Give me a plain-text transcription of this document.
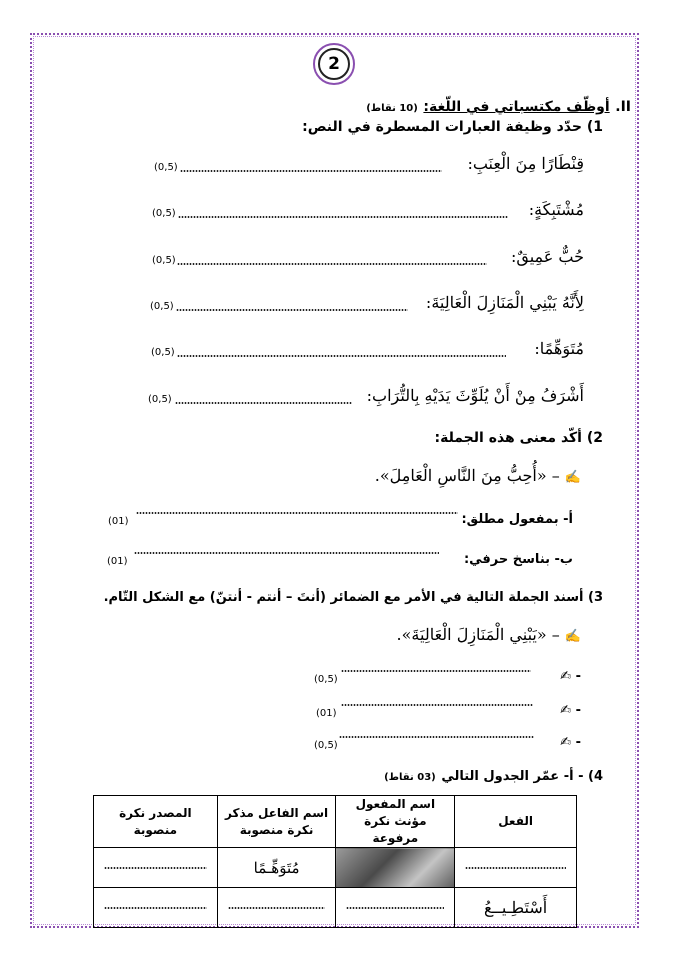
2
II. أوظّف مكتسباتي في اللّغة: (10 نقاط)
1) حدّد وظيفة العبارات المسطرة في النص:
قِنْطَارًا مِنَ الْعِنَبِ:
(0,5)
مُشْتَبِكَةٍ:
(0,5)
حُبٌّ عَمِيقٌ:
(0,5)
لِأَنَّهُ يَبْنِي الْمَنَازِلَ الْعَالِيَةَ:
(0,5)
مُتَوَهِّمًا:
(0,5)
أَشْرَفُ مِنْ أَنْ يُلَوِّثَ يَدَيْهِ بِالتُّرَابِ:
(0,5)
2) أكّد معنى هذه الجملة:
✍ – «أُحِبُّ مِنَ النَّاسِ الْعَامِلَ».
أ- بمفعول مطلق:
(01)
ب- بناسخ حرفي:
(01)
3) أسند الجملة التالية في الأمر مع الضمائر (أنتَ – أنتم - أنتنّ) مع الشكل التّام.
✍ – «يَبْنِي الْمَنَازِلَ الْعَالِيَةَ».
- ✍
(0,5)
- ✍
(01)
- ✍
(0,5)
4) - أ- عمّر الجدول التالي (03 نقاط)
الفعل	اسم المفعول مؤنث نكرة مرفوعة	اسم الفاعل مذكر نكرة منصوبة	المصدر نكرة منصوبة

		مُتَوَهِّـمًا	

أَسْتَطِـيــعُ	
